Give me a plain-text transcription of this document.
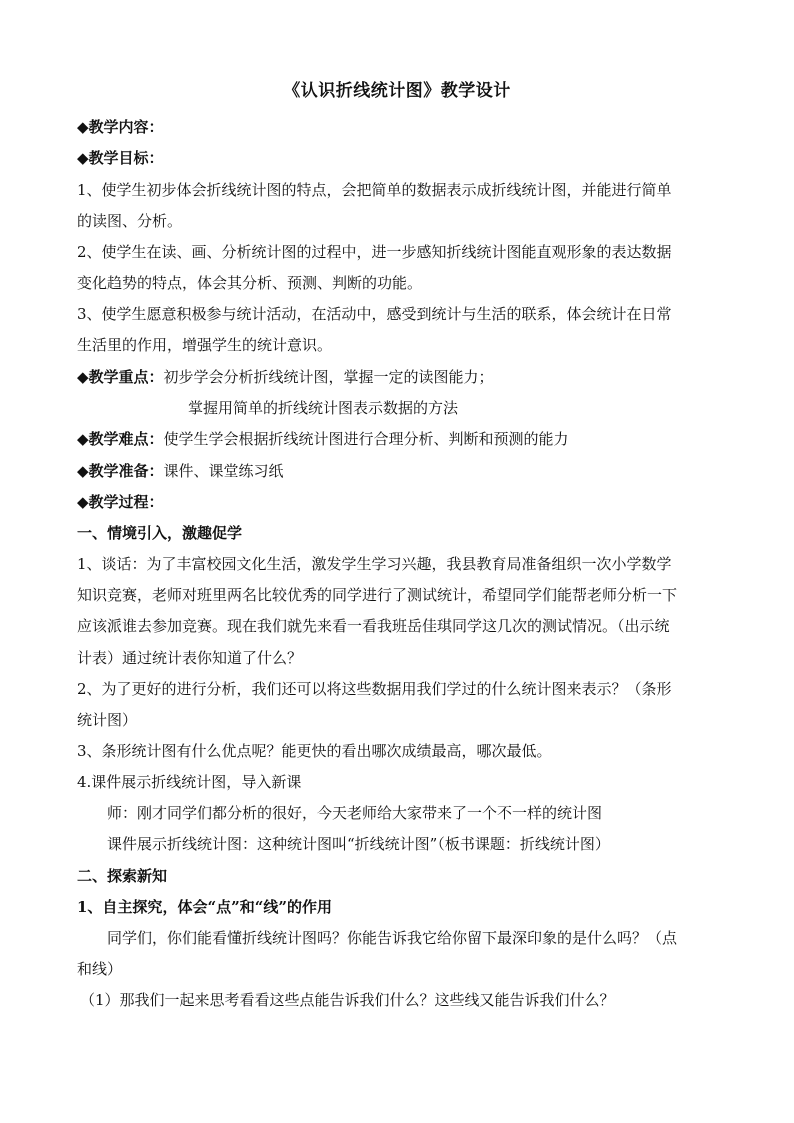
《认识折线统计图》教学设计
◆教学内容：
◆教学目标：
1、使学生初步体会折线统计图的特点，会把简单的数据表示成折线统计图，并能进行简单
的读图、分析。
2、使学生在读、画、分析统计图的过程中，进一步感知折线统计图能直观形象的表达数据
变化趋势的特点，体会其分析、预测、判断的功能。
3、使学生愿意积极参与统计活动，在活动中，感受到统计与生活的联系，体会统计在日常
生活里的作用，增强学生的统计意识。
◆教学重点：初步学会分析折线统计图，掌握一定的读图能力；
掌握用简单的折线统计图表示数据的方法
◆教学难点：使学生学会根据折线统计图进行合理分析、判断和预测的能力
◆教学准备：课件、课堂练习纸
◆教学过程：
一、情境引入，激趣促学
1、谈话：为了丰富校园文化生活，激发学生学习兴趣，我县教育局准备组织一次小学数学
知识竞赛，老师对班里两名比较优秀的同学进行了测试统计，希望同学们能帮老师分析一下
应该派谁去参加竞赛。现在我们就先来看一看我班岳佳琪同学这几次的测试情况。（出示统
计表）通过统计表你知道了什么？
2、为了更好的进行分析，我们还可以将这些数据用我们学过的什么统计图来表示？（条形
统计图）
3、条形统计图有什么优点呢？能更快的看出哪次成绩最高，哪次最低。
4.课件展示折线统计图，导入新课
师：刚才同学们都分析的很好，今天老师给大家带来了一个不一样的统计图
课件展示折线统计图：这种统计图叫“折线统计图”（板书课题：折线统计图）
二、探索新知
1、自主探究，体会“点”和“线”的作用
同学们，你们能看懂折线统计图吗？你能告诉我它给你留下最深印象的是什么吗？（点
和线）
（1）那我们一起来思考看看这些点能告诉我们什么？这些线又能告诉我们什么？
